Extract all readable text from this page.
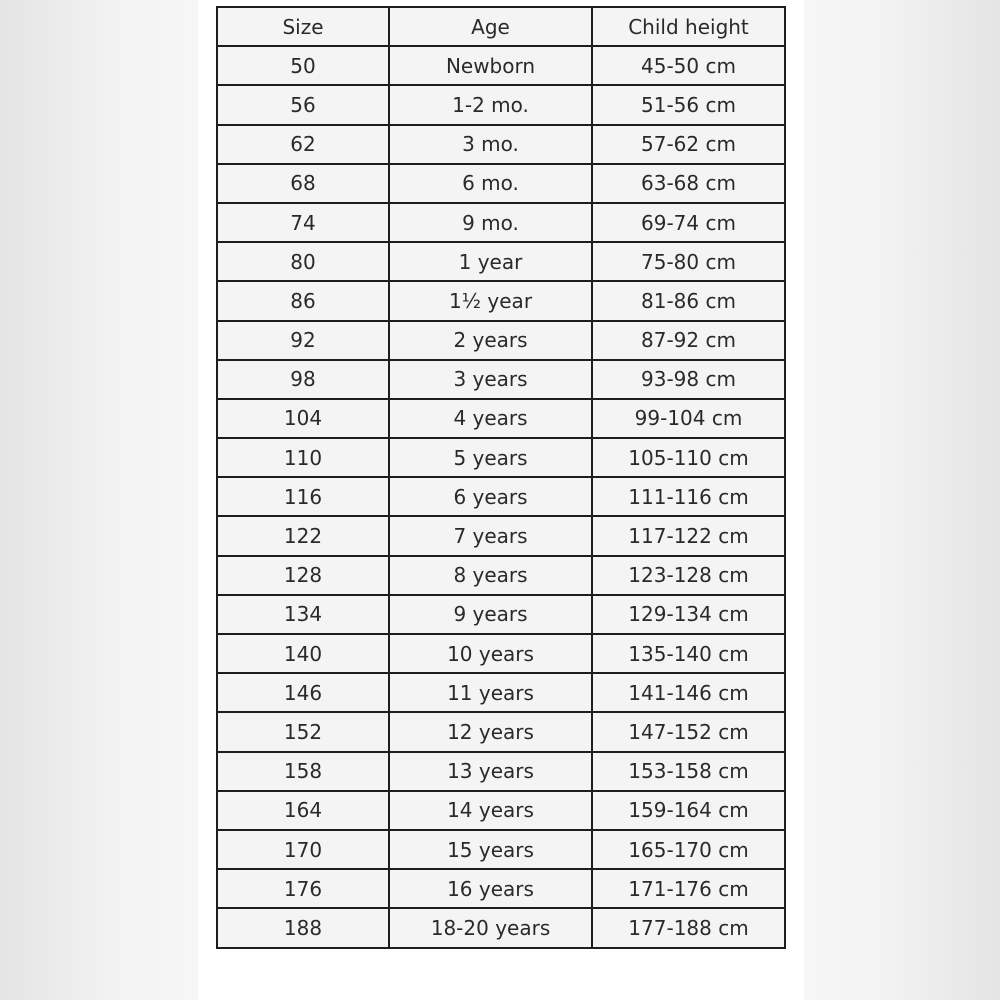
Size	Age	Child height
50	Newborn	45-50 cm
56	1-2 mo.	51-56 cm
62	3 mo.	57-62 cm
68	6 mo.	63-68 cm
74	9 mo.	69-74 cm
80	1 year	75-80 cm
86	1½ year	81-86 cm
92	2 years	87-92 cm
98	3 years	93-98 cm
104	4 years	99-104 cm
110	5 years	105-110 cm
116	6 years	111-116 cm
122	7 years	117-122 cm
128	8 years	123-128 cm
134	9 years	129-134 cm
140	10 years	135-140 cm
146	11 years	141-146 cm
152	12 years	147-152 cm
158	13 years	153-158 cm
164	14 years	159-164 cm
170	15 years	165-170 cm
176	16 years	171-176 cm
188	18-20 years	177-188 cm
